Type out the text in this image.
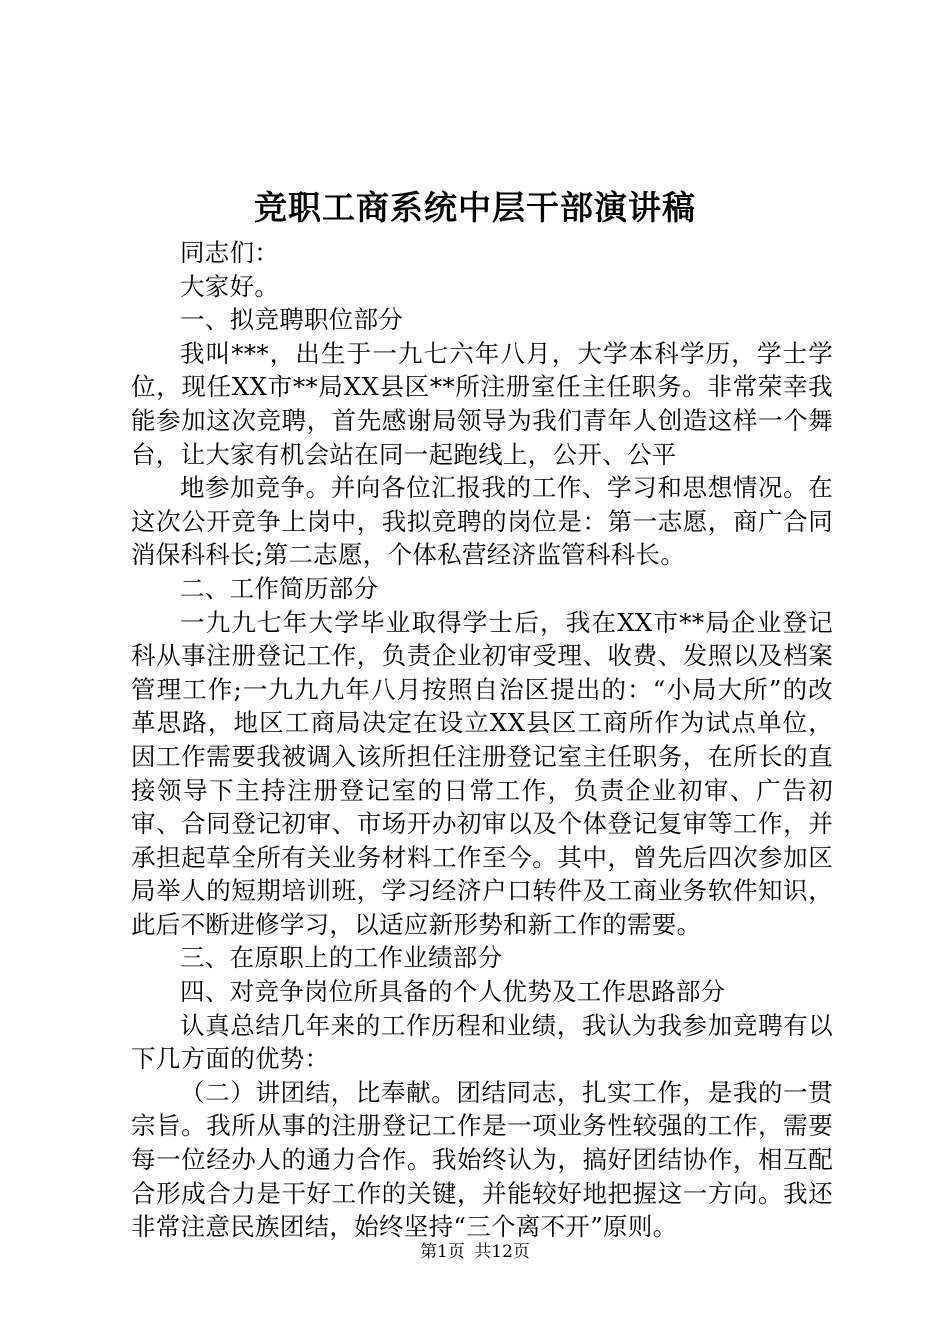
竞职工商系统中层干部演讲稿

同志们：

大家好。

一、拟竞聘职位部分

我叫***，出生于一九七六年八月，大学本科学历，学士学位，现任XX市**局XX县区**所注册室任主任职务。非常荣幸我能参加这次竞聘，首先感谢局领导为我们青年人创造这样一个舞台，让大家有机会站在同一起跑线上，公开、公平

地参加竞争。并向各位汇报我的工作、学习和思想情况。在这次公开竞争上岗中，我拟竞聘的岗位是：第一志愿，商广合同消保科科长;第二志愿，个体私营经济监管科科长。

二、工作简历部分

一九九七年大学毕业取得学士后，我在XX市**局企业登记科从事注册登记工作，负责企业初审受理、收费、发照以及档案管理工作;一九九九年八月按照自治区提出的：“小局大所”的改革思路，地区工商局决定在设立XX县区工商所作为试点单位，因工作需要我被调入该所担任注册登记室主任职务，在所长的直接领导下主持注册登记室的日常工作，负责企业初审、广告初审、合同登记初审、市场开办初审以及个体登记复审等工作，并承担起草全所有关业务材料工作至今。其中，曾先后四次参加区局举人的短期培训班，学习经济户口转件及工商业务软件知识，此后不断进修学习，以适应新形势和新工作的需要。

三、在原职上的工作业绩部分

四、对竞争岗位所具备的个人优势及工作思路部分

认真总结几年来的工作历程和业绩，我认为我参加竞聘有以下几方面的优势：

（二）讲团结，比奉献。团结同志，扎实工作，是我的一贯宗旨。我所从事的注册登记工作是一项业务性较强的工作，需要每一位经办人的通力合作。我始终认为，搞好团结协作，相互配合形成合力是干好工作的关键，并能较好地把握这一方向。我还非常注意民族团结，始终坚持“三个离不开”原则。

第1页 共12页
